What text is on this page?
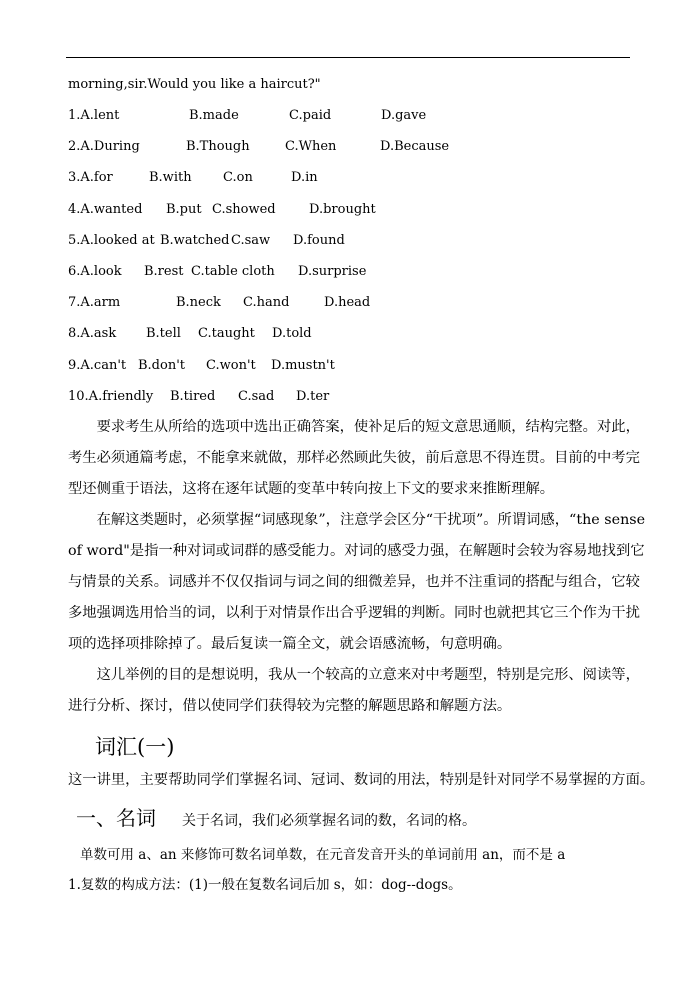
morning,sir.Would you like a haircut?"
1.A.lent	B.made	C.paid	D.gave
2.A.During	B.Though	C.When	D.Because
3.A.for	B.with C.on	D.in
4.A.wanted B.put C.showed	D.brought
5.A.looked at B.watched C.saw D.found
6.A.look B.rest C.table cloth D.surprise
7.A.arm	B.neck C.hand	D.head
8.A.ask B.tell C.taught D.told
9.A.can't B.don't C.won't D.mustn't
10.A.friendly B.tired C.sad D.ter
　　要求考生从所给的选项中选出正确答案，使补足后的短文意思通顺，结构完整。对此，
考生必须通篇考虑，不能拿来就做，那样必然顾此失彼，前后意思不得连贯。目前的中考完
型还侧重于语法，这将在逐年试题的变革中转向按上下文的要求来推断理解。
　　在解这类题时，必须掌握“词感现象”，注意学会区分“干扰项”。所谓词感，“the sense
of word"是指一种对词或词群的感受能力。对词的感受力强，在解题时会较为容易地找到它
与情景的关系。词感并不仅仅指词与词之间的细微差异，也并不注重词的搭配与组合，它较
多地强调选用恰当的词，以利于对情景作出合乎逻辑的判断。同时也就把其它三个作为干扰
项的选择项排除掉了。最后复读一篇全文，就会语感流畅，句意明确。
　　这儿举例的目的是想说明，我从一个较高的立意来对中考题型，特别是完形、阅读等，
进行分析、探讨，借以使同学们获得较为完整的解题思路和解题方法。
词汇(一)
这一讲里，主要帮助同学们掌握名词、冠词、数词的用法，特别是针对同学不易掌握的方面。
一、名词 关于名词，我们必须掌握名词的数，名词的格。
单数可用 a、an 来修饰可数名词单数，在元音发音开头的单词前用 an，而不是 a
1.复数的构成方法：(1)一般在复数名词后加 s，如：dog--dogs。
